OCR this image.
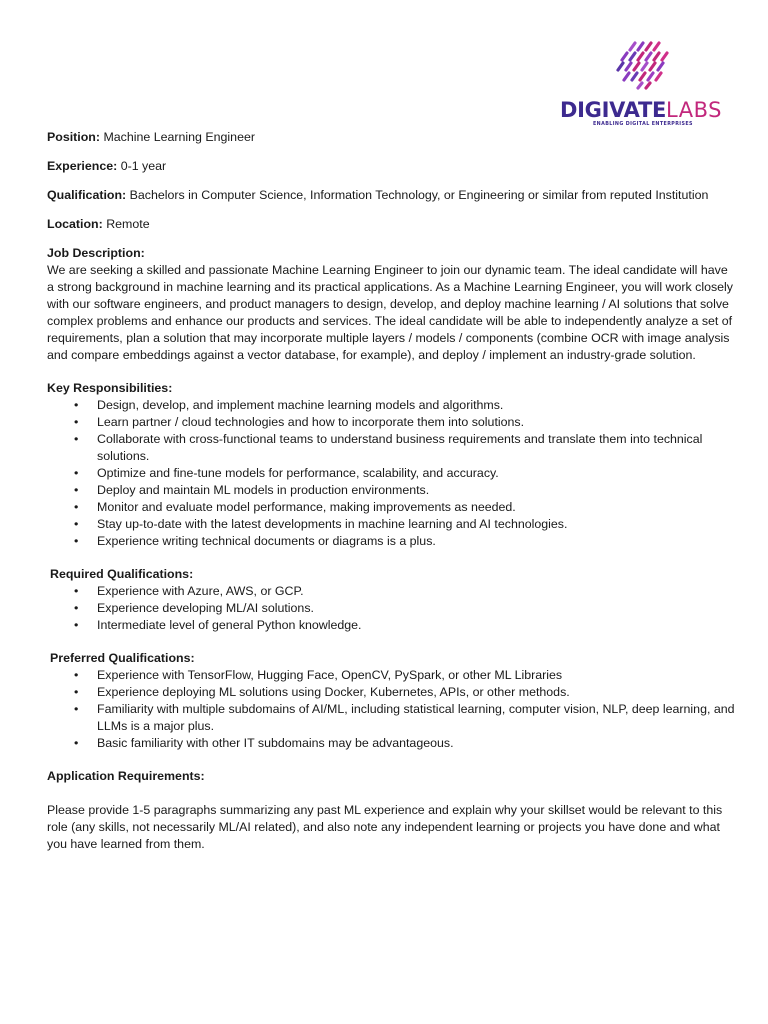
DIGIVATELABS
ENABLING DIGITAL ENTERPRISES

Position: Machine Learning Engineer

Experience: 0-1 year

Qualification: Bachelors in Computer Science, Information Technology, or Engineering or similar from reputed Institution

Location: Remote

Job Description:

We are seeking a skilled and passionate Machine Learning Engineer to join our dynamic team. The ideal candidate will have a strong background in machine learning and its practical applications. As a Machine Learning Engineer, you will work closely with our software engineers, and product managers to design, develop, and deploy machine learning / AI solutions that solve complex problems and enhance our products and services. The ideal candidate will be able to independently analyze a set of requirements, plan a solution that may incorporate multiple layers / models / components (combine OCR with image analysis and compare embeddings against a vector database, for example), and deploy / implement an industry-grade solution.

Key Responsibilities:

• Design, develop, and implement machine learning models and algorithms.
• Learn partner / cloud technologies and how to incorporate them into solutions.
• Collaborate with cross-functional teams to understand business requirements and translate them into technical solutions.
• Optimize and fine-tune models for performance, scalability, and accuracy.
• Deploy and maintain ML models in production environments.
• Monitor and evaluate model performance, making improvements as needed.
• Stay up-to-date with the latest developments in machine learning and AI technologies.
• Experience writing technical documents or diagrams is a plus.

Required Qualifications:

• Experience with Azure, AWS, or GCP.
• Experience developing ML/AI solutions.
• Intermediate level of general Python knowledge.

Preferred Qualifications:

• Experience with TensorFlow, Hugging Face, OpenCV, PySpark, or other ML Libraries
• Experience deploying ML solutions using Docker, Kubernetes, APIs, or other methods.
• Familiarity with multiple subdomains of AI/ML, including statistical learning, computer vision, NLP, deep learning, and LLMs is a major plus.
• Basic familiarity with other IT subdomains may be advantageous.

Application Requirements:

Please provide 1-5 paragraphs summarizing any past ML experience and explain why your skillset would be relevant to this role (any skills, not necessarily ML/AI related), and also note any independent learning or projects you have done and what you have learned from them.
